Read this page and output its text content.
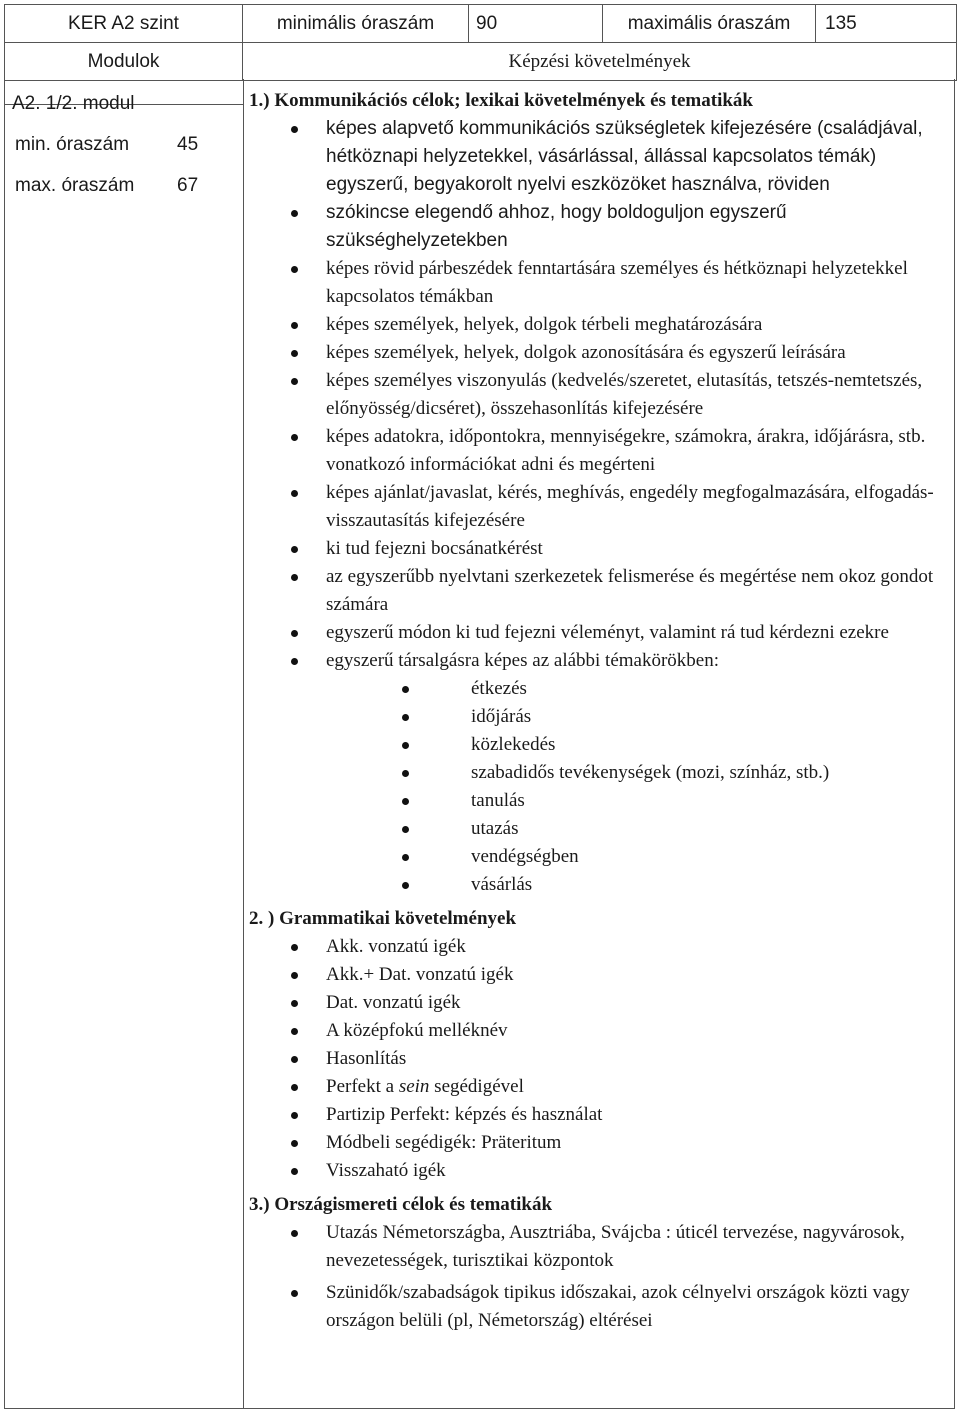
KER A2 szint	minimális óraszám	90	maximális óraszám	135
Modulok	Képzési követelmények			
A2. 1/2. modul
min. óraszám	45
max. óraszám 67
1.) Kommunikációs célok; lexikai követelmények és tematikák
képes alapvető kommunikációs szükségletek kifejezésére (családjával, hétköznapi helyzetekkel, vásárlással, állással kapcsolatos témák) egyszerű, begyakorolt nyelvi eszközöket használva, röviden
szókincse elegendő ahhoz, hogy boldoguljon egyszerű szükséghelyzetekben
képes rövid párbeszédek fenntartására személyes és hétköznapi helyzetekkel kapcsolatos témákban
képes személyek, helyek, dolgok térbeli meghatározására
képes személyek, helyek, dolgok azonosítására és egyszerű leírására
képes személyes viszonyulás (kedvelés/szeretet, elutasítás, tetszés-nemtetszés, előnyösség/dicséret), összehasonlítás kifejezésére
képes adatokra, időpontokra, mennyiségekre, számokra, árakra, időjárásra, stb. vonatkozó információkat adni és megérteni
képes ajánlat/javaslat, kérés, meghívás, engedély megfogalmazására, elfogadás-visszautasítás kifejezésére
ki tud fejezni bocsánatkérést
az egyszerűbb nyelvtani szerkezetek felismerése és megértése nem okoz gondot számára
egyszerű módon ki tud fejezni véleményt, valamint rá tud kérdezni ezekre
egyszerű társalgásra képes az alábbi témakörökben:
étkezés
időjárás
közlekedés
szabadidős tevékenységek (mozi, színház, stb.)
tanulás
utazás
vendégségben
vásárlás
2. ) Grammatikai követelmények
Akk. vonzatú igék
Akk.+ Dat. vonzatú igék
Dat. vonzatú igék
A középfokú melléknév
Hasonlítás
Perfekt a sein segédigével
Partizip Perfekt: képzés és használat
Módbeli segédigék: Präteritum
Visszaható igék
3.) Országismereti célok és tematikák
Utazás Németországba, Ausztriába, Svájcba : úticél tervezése, nagyvárosok, nevezetességek, turisztikai központok
Szünidők/szabadságok tipikus időszakai, azok célnyelvi országok közti vagy országon belüli (pl, Németország) eltérései
